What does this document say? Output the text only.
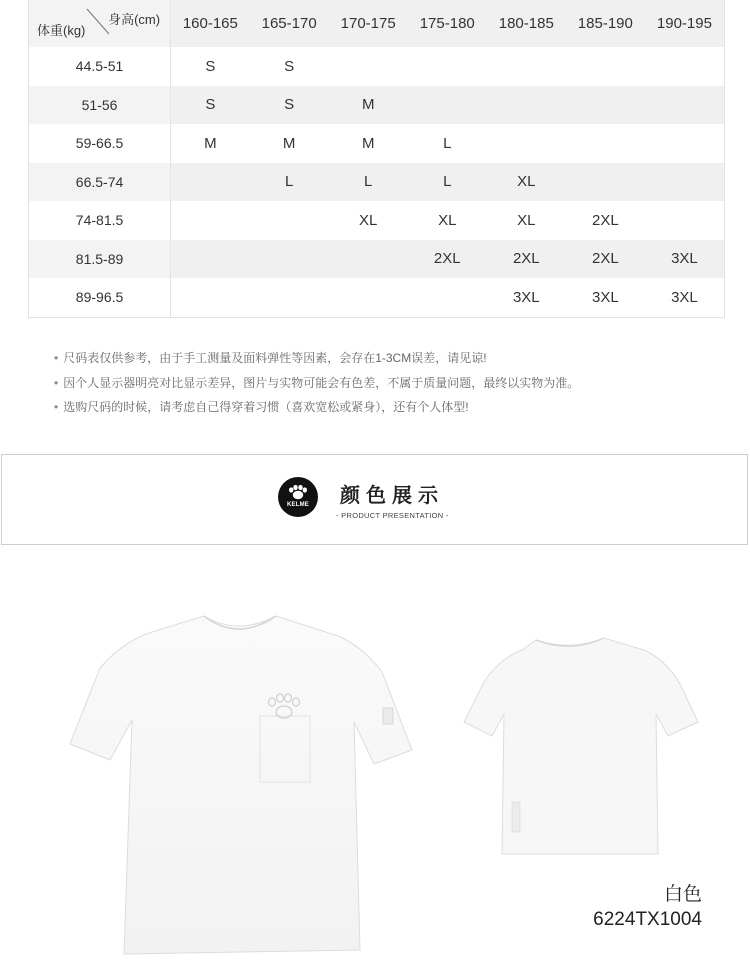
身高(cm)
体重(kg)	160-165	165-170	170-175	175-180	180-185	185-190	190-195
44.5-51	S	S					
51-56	S	S	M				
59-66.5	M	M	M	L			
66.5-74		L	L	L	XL		
74-81.5			XL	XL	XL	2XL	
81.5-89				2XL	2XL	2XL	3XL
89-96.5					3XL	3XL	3XL
• 尺码表仅供参考，由于手工测量及面料弹性等因素，会存在1-3CM误差，请见谅!
• 因个人显示器明亮对比显示差异，图片与实物可能会有色差，不属于质量问题，最终以实物为准。
• 选购尺码的时候，请考虑自己得穿着习惯（喜欢宽松或紧身），还有个人体型!
KELME	颜色展示
- PRODUCT PRESENTATION -
白色
6224TX1004
